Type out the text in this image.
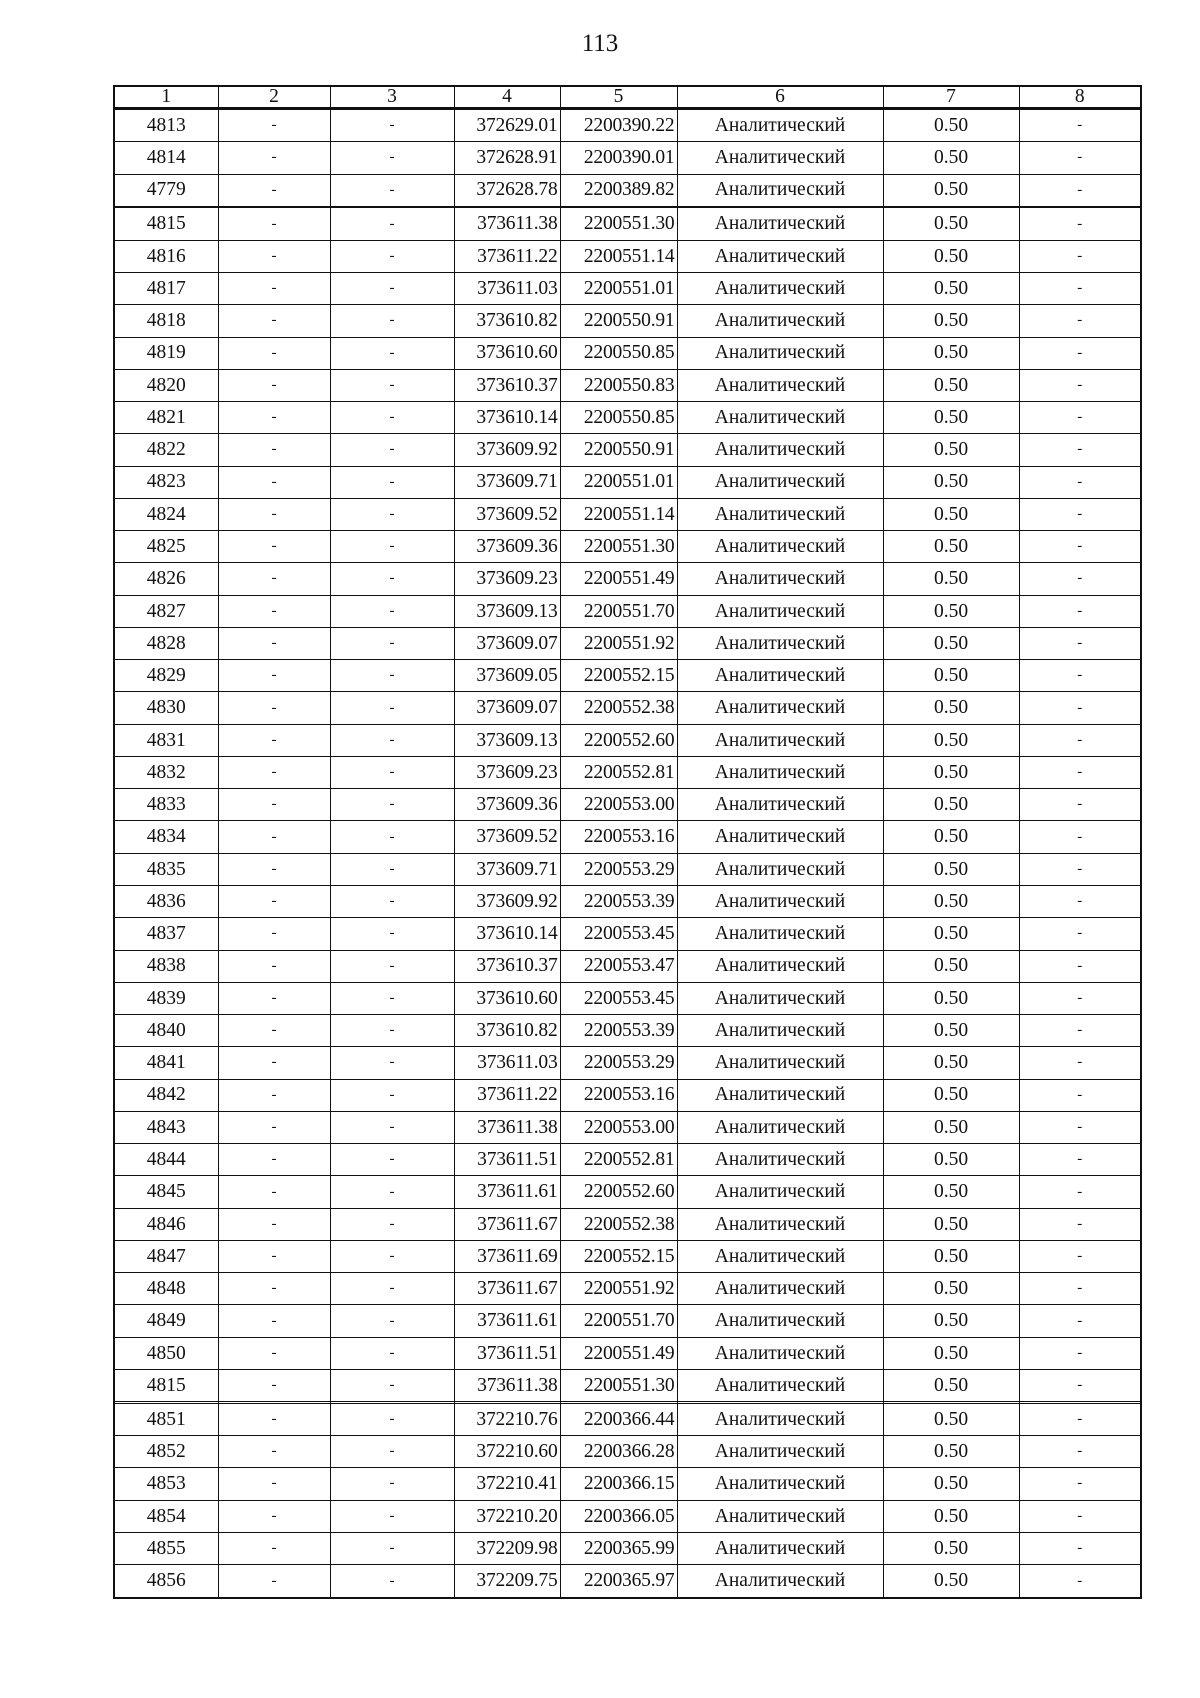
113
1	2	3	4	5	6	7	8
4813	-	-	372629.01	2200390.22	Аналитический	0.50	-
4814	-	-	372628.91	2200390.01	Аналитический	0.50	-
4779	-	-	372628.78	2200389.82	Аналитический	0.50	-

4815	-	-	373611.38	2200551.30	Аналитический	0.50	-
4816	-	-	373611.22	2200551.14	Аналитический	0.50	-
4817	-	-	373611.03	2200551.01	Аналитический	0.50	-
4818	-	-	373610.82	2200550.91	Аналитический	0.50	-
4819	-	-	373610.60	2200550.85	Аналитический	0.50	-
4820	-	-	373610.37	2200550.83	Аналитический	0.50	-
4821	-	-	373610.14	2200550.85	Аналитический	0.50	-
4822	-	-	373609.92	2200550.91	Аналитический	0.50	-
4823	-	-	373609.71	2200551.01	Аналитический	0.50	-
4824	-	-	373609.52	2200551.14	Аналитический	0.50	-
4825	-	-	373609.36	2200551.30	Аналитический	0.50	-
4826	-	-	373609.23	2200551.49	Аналитический	0.50	-
4827	-	-	373609.13	2200551.70	Аналитический	0.50	-
4828	-	-	373609.07	2200551.92	Аналитический	0.50	-
4829	-	-	373609.05	2200552.15	Аналитический	0.50	-
4830	-	-	373609.07	2200552.38	Аналитический	0.50	-
4831	-	-	373609.13	2200552.60	Аналитический	0.50	-
4832	-	-	373609.23	2200552.81	Аналитический	0.50	-
4833	-	-	373609.36	2200553.00	Аналитический	0.50	-
4834	-	-	373609.52	2200553.16	Аналитический	0.50	-
4835	-	-	373609.71	2200553.29	Аналитический	0.50	-
4836	-	-	373609.92	2200553.39	Аналитический	0.50	-
4837	-	-	373610.14	2200553.45	Аналитический	0.50	-
4838	-	-	373610.37	2200553.47	Аналитический	0.50	-
4839	-	-	373610.60	2200553.45	Аналитический	0.50	-
4840	-	-	373610.82	2200553.39	Аналитический	0.50	-
4841	-	-	373611.03	2200553.29	Аналитический	0.50	-
4842	-	-	373611.22	2200553.16	Аналитический	0.50	-
4843	-	-	373611.38	2200553.00	Аналитический	0.50	-
4844	-	-	373611.51	2200552.81	Аналитический	0.50	-
4845	-	-	373611.61	2200552.60	Аналитический	0.50	-
4846	-	-	373611.67	2200552.38	Аналитический	0.50	-
4847	-	-	373611.69	2200552.15	Аналитический	0.50	-
4848	-	-	373611.67	2200551.92	Аналитический	0.50	-
4849	-	-	373611.61	2200551.70	Аналитический	0.50	-
4850	-	-	373611.51	2200551.49	Аналитический	0.50	-
4815	-	-	373611.38	2200551.30	Аналитический	0.50	-

4851	-	-	372210.76	2200366.44	Аналитический	0.50	-
4852	-	-	372210.60	2200366.28	Аналитический	0.50	-
4853	-	-	372210.41	2200366.15	Аналитический	0.50	-
4854	-	-	372210.20	2200366.05	Аналитический	0.50	-
4855	-	-	372209.98	2200365.99	Аналитический	0.50	-
4856	-	-	372209.75	2200365.97	Аналитический	0.50	-
